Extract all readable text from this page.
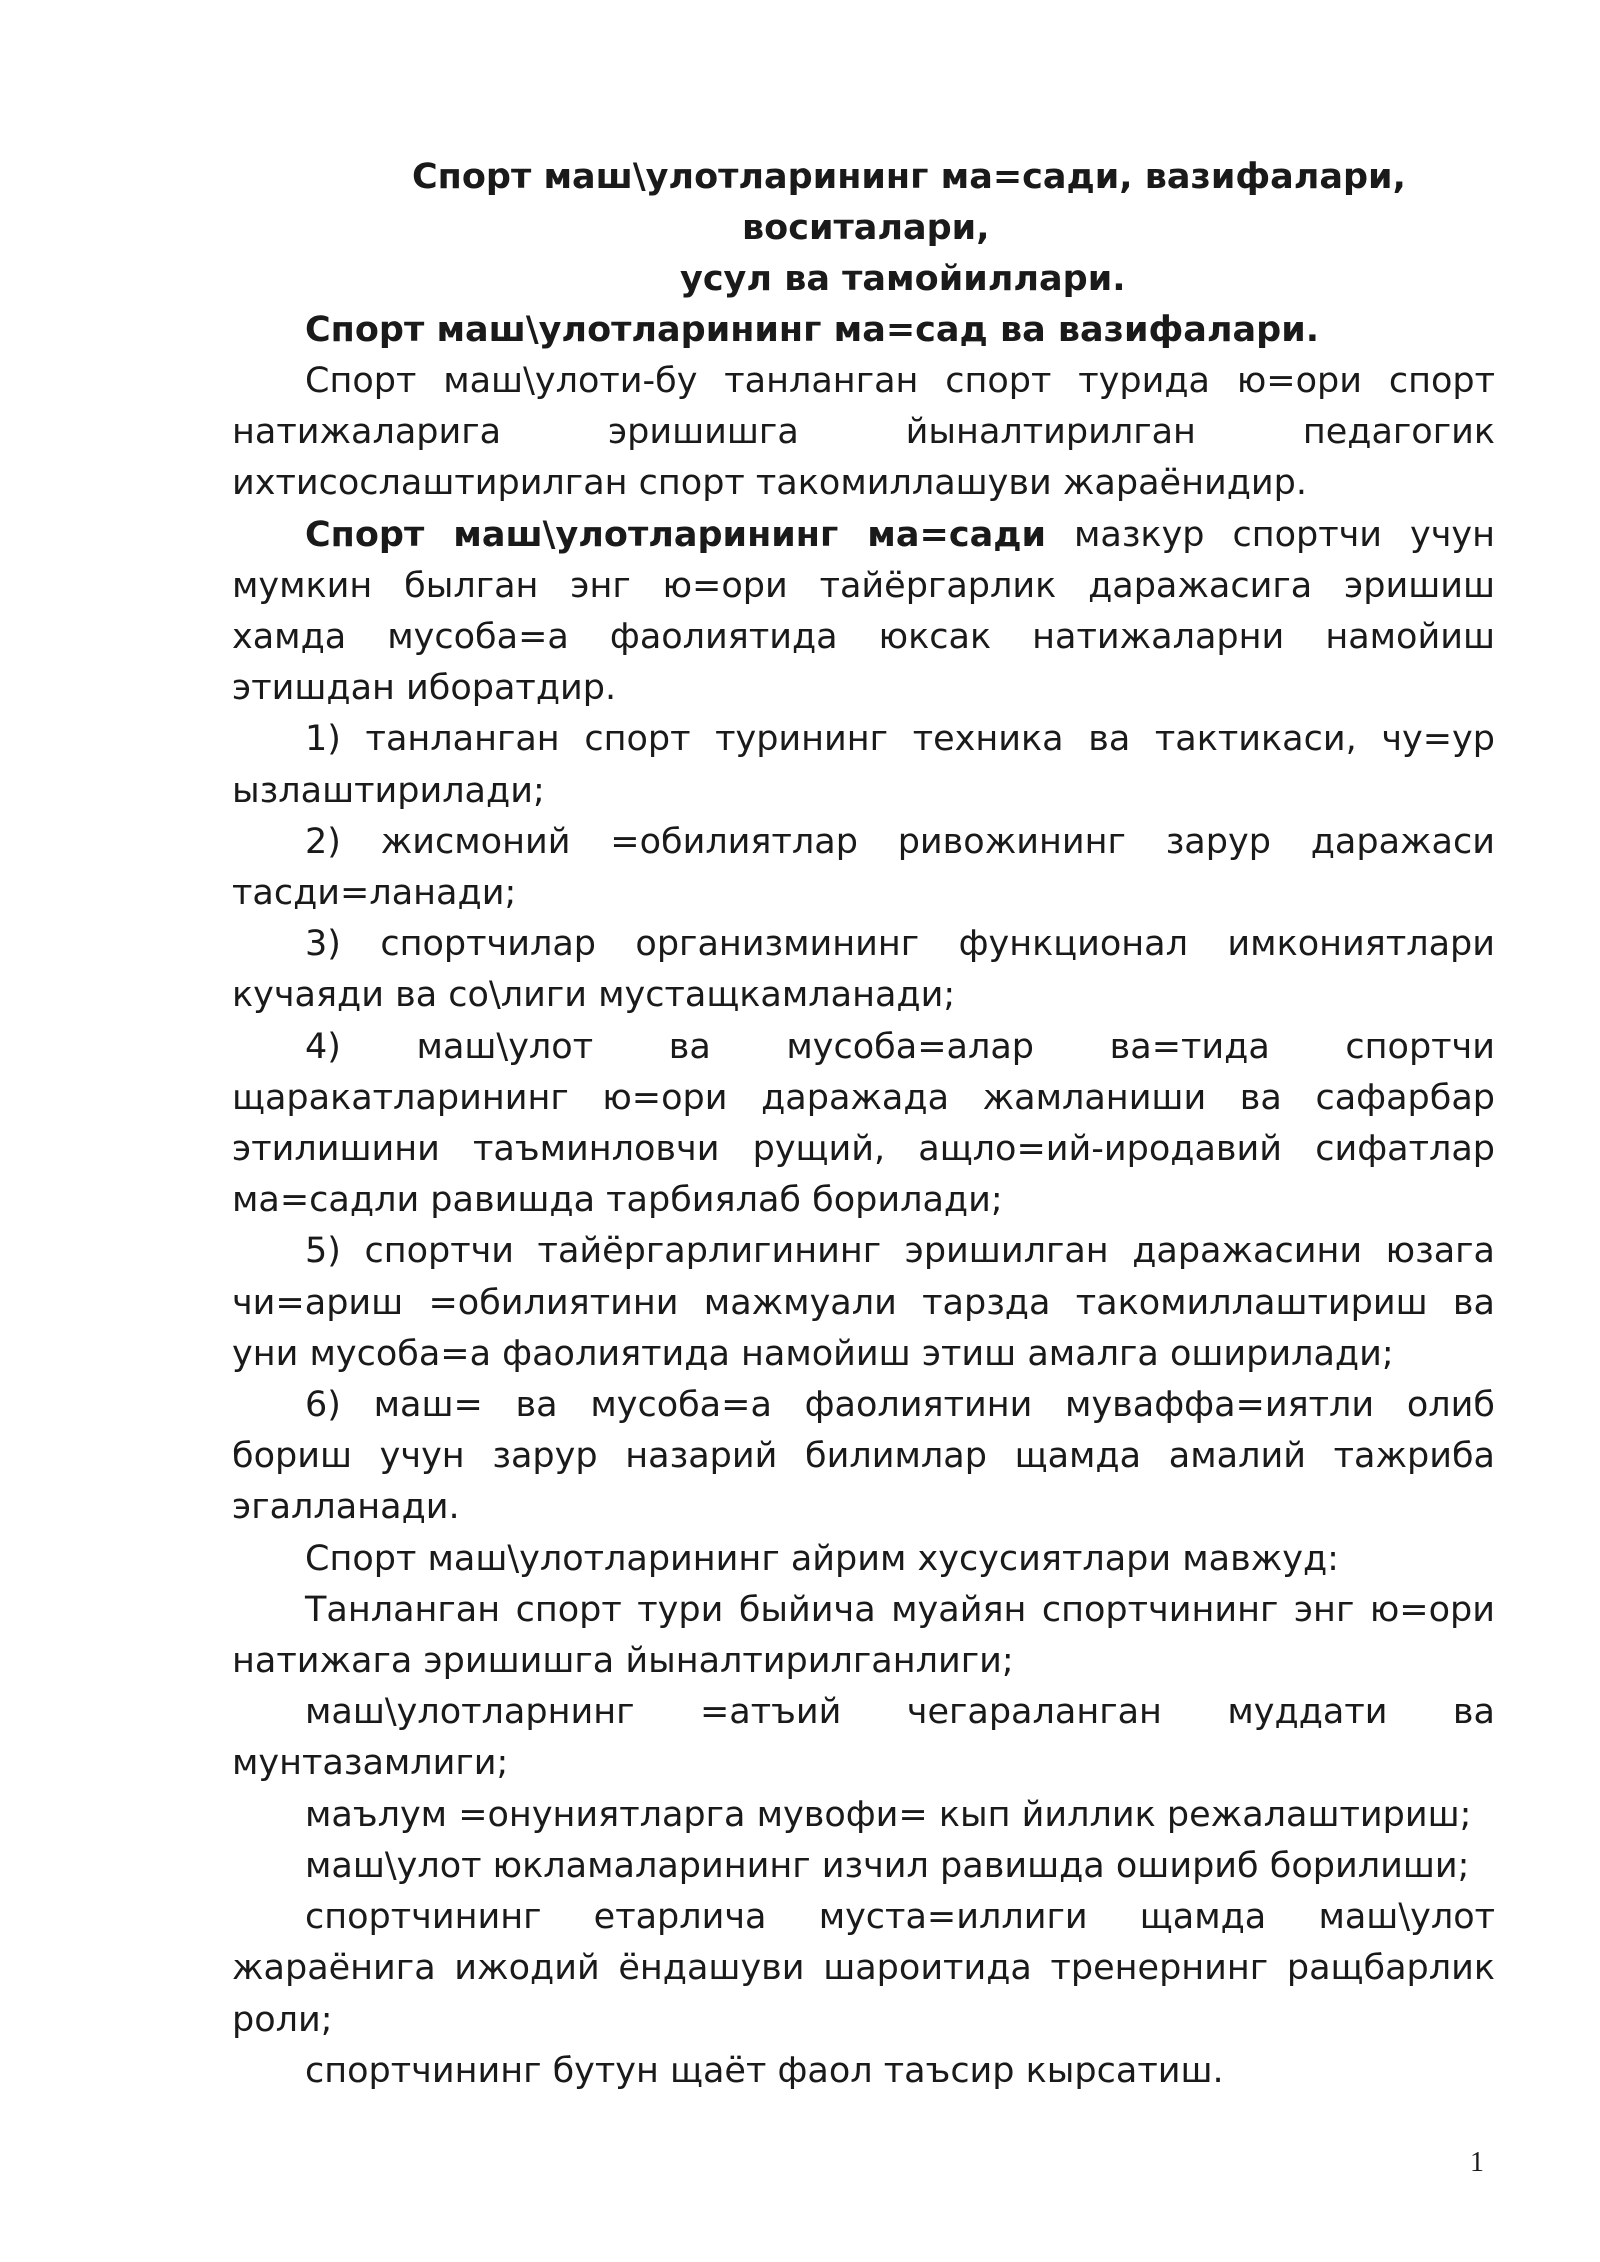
Спорт маш\улотларининг ма=сади, вазифалари,
воситалари,
усул ва тамойиллари.
Спорт маш\улотларининг ма=сад ва вазифалари.

Спорт маш\улоти-бу танланган спорт турида ю=ори спорт натижаларига эришишга йыналтирилган педагогик ихтисослаштирилган спорт такомиллашуви жараёнидир.

Спорт маш\улотларининг ма=сади мазкур спортчи учун мумкин былган энг ю=ори тайёргарлик даражасига эришиш хамда мусоба=а фаолиятида юксак натижаларни намойиш этишдан иборатдир.

1) танланган спорт турининг техника ва тактикаси, чу=ур ызлаштирилади;

2) жисмоний =обилиятлар ривожининг зарур даражаси тасди=ланади;

3) спортчилар организмининг функционал имкониятлари кучаяди ва со\лиги мустащкамланади;

4) маш\улот ва мусоба=алар ва=тида спортчи щаракатларининг ю=ори даражада жамланиши ва сафарбар этилишини таъминловчи рущий, ащло=ий-иродавий сифатлар ма=садли равишда тарбиялаб борилади;

5) спортчи тайёргарлигининг эришилган даражасини юзага чи=ариш =обилиятини мажмуали тарзда такомиллаштириш ва уни мусоба=а фаолиятида намойиш этиш амалга оширилади;

6) маш= ва мусоба=а фаолиятини муваффа=иятли олиб бориш учун зарур назарий билимлар щамда амалий тажриба эгалланади.

Спорт маш\улотларининг айрим хусусиятлари мавжуд:

Танланган спорт тури быйича муайян спортчининг энг ю=ори натижага эришишга йыналтирилганлиги;

маш\улотларнинг =атъий чегараланган муддати ва мунтазамлиги;

маълум =онуниятларга мувофи= кып йиллик режалаштириш;

маш\улот юкламаларининг изчил равишда ошириб борилиши;

спортчининг етарлича муста=иллиги щамда маш\улот жараёнига ижодий ёндашуви шароитида тренернинг ращбарлик роли;

спортчининг бутун щаёт фаол таъсир кырсатиш.

1
